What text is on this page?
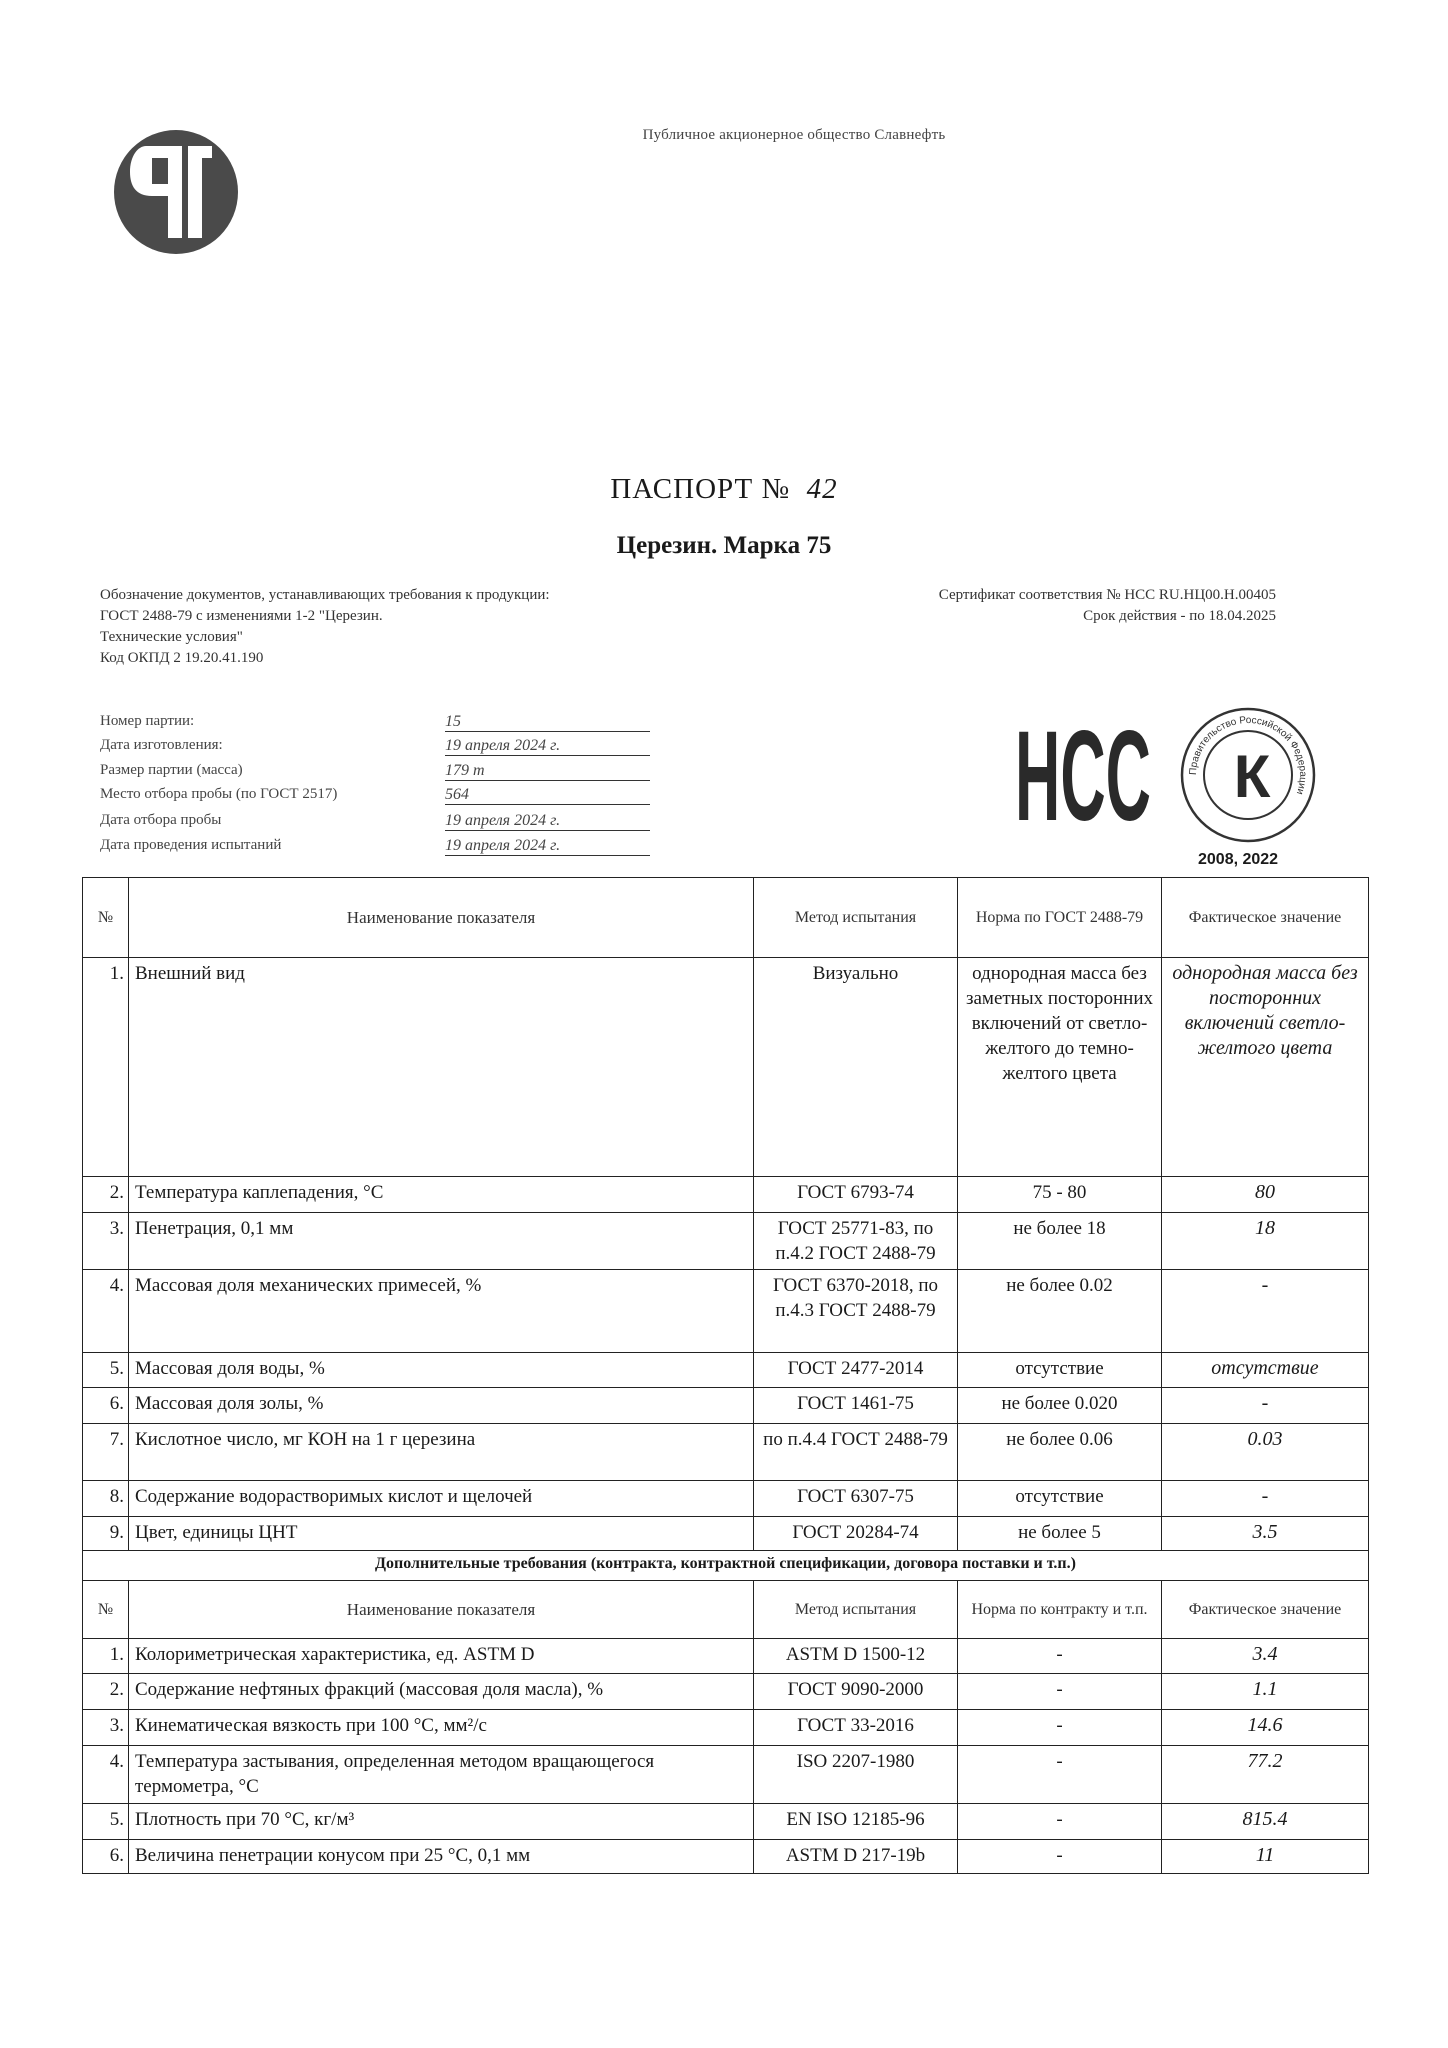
Публичное акционерное общество Славнефть
ПАСПОРТ № 42
Церезин. Марка 75
Обозначение документов, устанавливающих требования к продукции:
ГОСТ 2488-79 с изменениями 1-2 "Церезин.
Технические условия"
Код ОКПД 2 19.20.41.190
Сертификат соответствия № НСС RU.НЦ00.Н.00405
Срок действия - по 18.04.2025
Номер партии:	15
Дата изготовления:	19 апреля 2024 г.
Размер партии (масса)	179 т
Место отбора пробы (по ГОСТ 2517)	564
Дата отбора пробы	19 апреля 2024 г.
Дата проведения испытаний	19 апреля 2024 г.	НСС	Правительство Российской Федерации
К
2008, 2022
№	Наименование показателя	Метод испытания	Норма по ГОСТ 2488-79	Фактическое значение
1.	Внешний вид	Визуально	однородная масса без заметных посторонних включений от светло-желтого до темно-желтого цвета	однородная масса без посторонних включений светло-желтого цвета
2.	Температура каплепадения, °С	ГОСТ 6793-74	75 - 80	80
3.	Пенетрация, 0,1 мм	ГОСТ 25771-83, по п.4.2 ГОСТ 2488-79	не более 18	18
4.	Массовая доля механических примесей, %	ГОСТ 6370-2018, по п.4.3 ГОСТ 2488-79	не более 0.02	-
5.	Массовая доля воды, %	ГОСТ 2477-2014	отсутствие	отсутствие
6.	Массовая доля золы, %	ГОСТ 1461-75	не более 0.020	-
7.	Кислотное число, мг КОН на 1 г церезина	по п.4.4 ГОСТ 2488-79	не более 0.06	0.03
8.	Содержание водорастворимых кислот и щелочей	ГОСТ 6307-75	отсутствие	-
9.	Цвет, единицы ЦНТ	ГОСТ 20284-74	не более 5	3.5
Дополнительные требования (контракта, контрактной спецификации, договора поставки и т.п.)				
№	Наименование показателя	Метод испытания	Норма по контракту и т.п.	Фактическое значение
1.	Колориметрическая характеристика, ед. ASTM D	ASTM D 1500-12	-	3.4
2.	Содержание нефтяных фракций (массовая доля масла), %	ГОСТ 9090-2000	-	1.1
3.	Кинематическая вязкость при 100 °С, мм²/с	ГОСТ 33-2016	-	14.6
4.	Температура застывания, определенная методом вращающегося термометра, °С	ISO 2207-1980	-	77.2
5.	Плотность при 70 °С, кг/м³	EN ISO 12185-96	-	815.4
6.	Величина пенетрации конусом при 25 °С, 0,1 мм	ASTM D 217-19b	-	11
